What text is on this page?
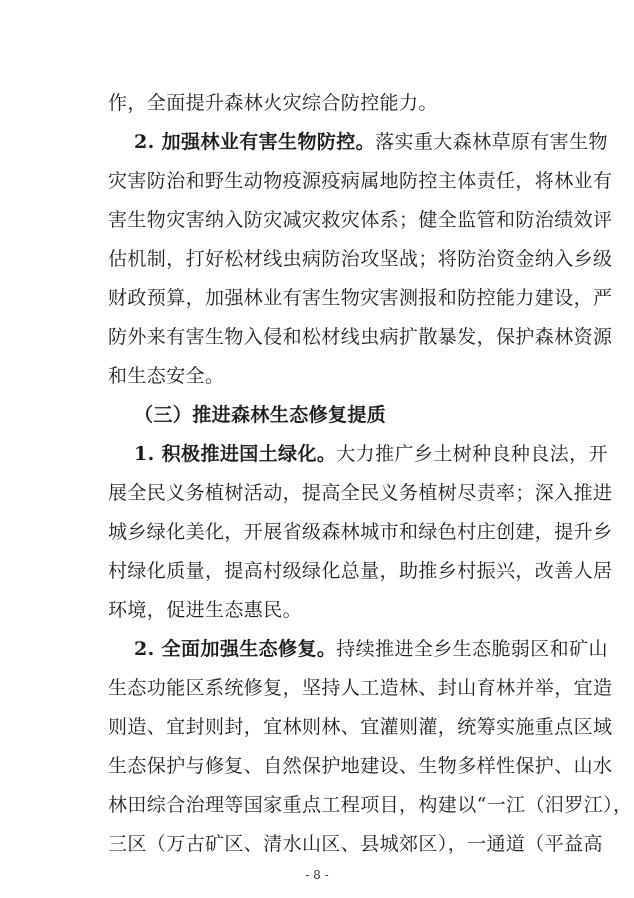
作，全面提升森林火灾综合防控能力。
2. 加强林业有害生物防控。落实重大森林草原有害生物
灾害防治和野生动物疫源疫病属地防控主体责任，将林业有
害生物灾害纳入防灾减灾救灾体系；健全监管和防治绩效评
估机制，打好松材线虫病防治攻坚战；将防治资金纳入乡级
财政预算，加强林业有害生物灾害测报和防控能力建设，严
防外来有害生物入侵和松材线虫病扩散暴发，保护森林资源
和生态安全。
（三）推进森林生态修复提质
1. 积极推进国土绿化。大力推广乡土树种良种良法，开
展全民义务植树活动，提高全民义务植树尽责率；深入推进
城乡绿化美化，开展省级森林城市和绿色村庄创建，提升乡
村绿化质量，提高村级绿化总量，助推乡村振兴，改善人居
环境，促进生态惠民。
2. 全面加强生态修复。持续推进全乡生态脆弱区和矿山
生态功能区系统修复，坚持人工造林、封山育林并举，宜造
则造、宜封则封，宜林则林、宜灌则灌，统筹实施重点区域
生态保护与修复、自然保护地建设、生物多样性保护、山水
林田综合治理等国家重点工程项目，构建以“一江（汨罗江），
三区（万古矿区、清水山区、县城郊区），一通道（平益高
- 8 -
